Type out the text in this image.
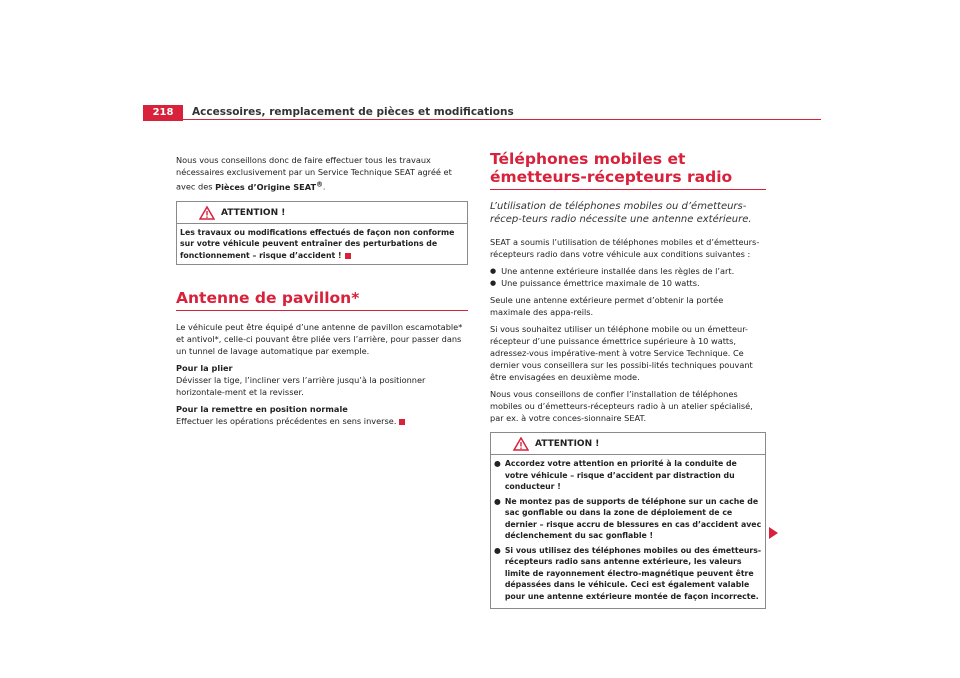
218	Accessoires, remplacement de pièces et modifications

Nous vous conseillons donc de faire effectuer tous les travaux nécessaires exclusivement par un Service Technique SEAT agréé et avec des Pièces d’Origine SEAT®.

ATTENTION !
Les travaux ou modifications effectués de façon non conforme sur votre véhicule peuvent entraîner des perturbations de fonctionnement – risque d’accident !
Antenne de pavillon*

Le véhicule peut être équipé d’une antenne de pavillon escamotable* et antivol*, celle-ci pouvant être pliée vers l’arrière, pour passer dans un tunnel de lavage automatique par exemple.

Pour la plier

Dévisser la tige, l’incliner vers l’arrière jusqu’à la positionner horizontale-ment et la revisser.

Pour la remettre en position normale

Effectuer les opérations précédentes en sens inverse.

Téléphones mobiles et émetteurs-récepteurs radio

L’utilisation de téléphones mobiles ou d’émetteurs-récep-teurs radio nécessite une antenne extérieure.

SEAT a soumis l’utilisation de téléphones mobiles et d’émetteurs-récepteurs radio dans votre véhicule aux conditions suivantes :

● Une antenne extérieure installée dans les règles de l’art.
● Une puissance émettrice maximale de 10 watts.

Seule une antenne extérieure permet d’obtenir la portée maximale des appa-reils.

Si vous souhaitez utiliser un téléphone mobile ou un émetteur-récepteur d’une puissance émettrice supérieure à 10 watts, adressez-vous impérative-ment à votre Service Technique. Ce dernier vous conseillera sur les possibi-lités techniques pouvant être envisagées en deuxième mode.

Nous vous conseillons de confier l’installation de téléphones mobiles ou d’émetteurs-récepteurs radio à un atelier spécialisé, par ex. à votre conces-sionnaire SEAT.

ATTENTION !
● Accordez votre attention en priorité à la conduite de votre véhicule – risque d’accident par distraction du conducteur !
● Ne montez pas de supports de téléphone sur un cache de sac gonflable ou dans la zone de déploiement de ce dernier – risque accru de blessures en cas d’accident avec déclenchement du sac gonflable !
● Si vous utilisez des téléphones mobiles ou des émetteurs-récepteurs radio sans antenne extérieure, les valeurs limite de rayonnement électro-magnétique peuvent être dépassées dans le véhicule. Ceci est également valable pour une antenne extérieure montée de façon incorrecte.
